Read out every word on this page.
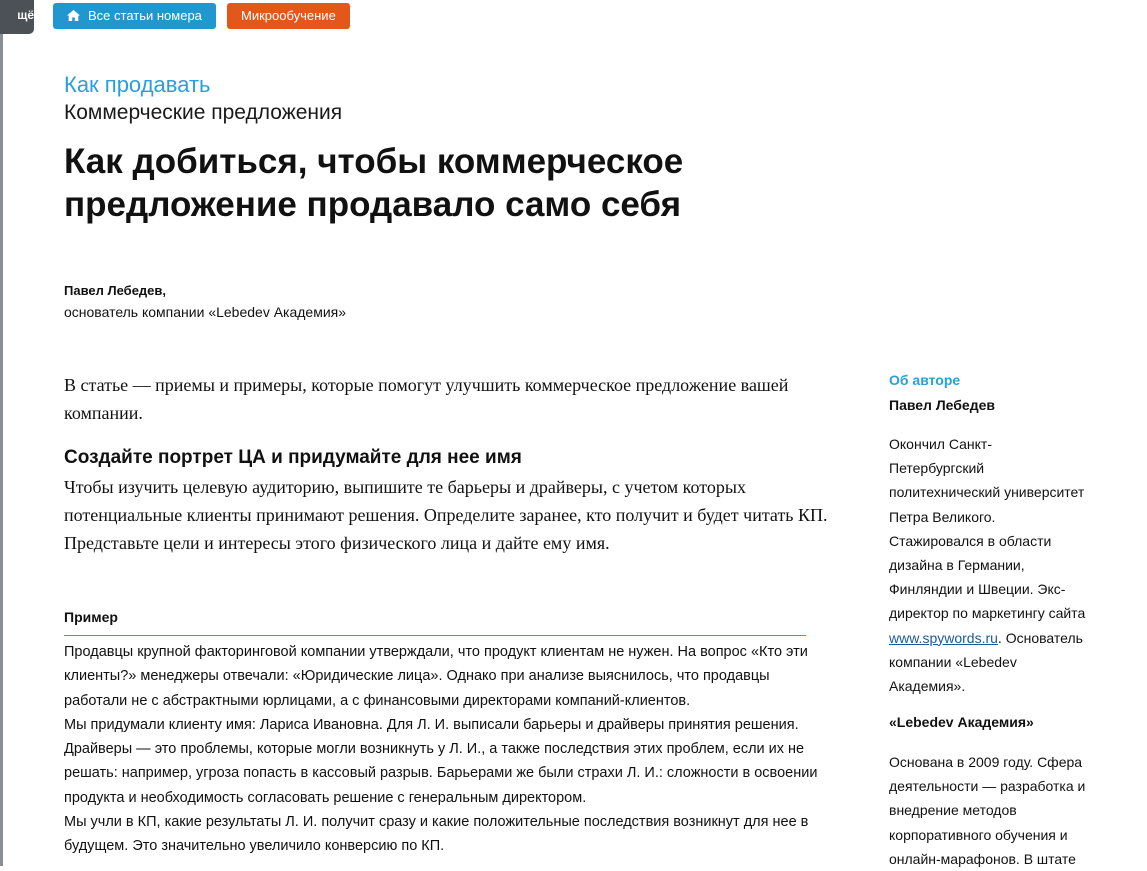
щё	Все статьи номера	Микрообучение
Как продавать
Коммерческие предложения
Как добиться, чтобы коммерческое предложение продавало само себя
Павел Лебедев,
основатель компании «Lebedev Академия»
В статье — приемы и примеры, которые помогут улучшить коммерческое предложение вашей компании.
Создайте портрет ЦА и придумайте для нее имя
Чтобы изучить целевую аудиторию, выпишите те барьеры и драйверы, с учетом которых потенциальные клиенты принимают решения. Определите заранее, кто получит и будет читать КП. Представьте цели и интересы этого физического лица и дайте ему имя.
Пример

Продавцы крупной факторинговой компании утверждали, что продукт клиентам не нужен. На вопрос «Кто эти клиенты?» менеджеры отвечали: «Юридические лица». Однако при анализе выяснилось, что продавцы работали не с абстрактными юрлицами, а с финансовыми директорами компаний-клиентов.

Мы придумали клиенту имя: Лариса Ивановна. Для Л. И. выписали барьеры и драйверы принятия решения. Драйверы — это проблемы, которые могли возникнуть у Л. И., а также последствия этих проблем, если их не решать: например, угроза попасть в кассовый разрыв. Барьерами же были страхи Л. И.: сложности в освоении продукта и необходимость согласовать решение с генеральным директором.

Мы учли в КП, какие результаты Л. И. получит сразу и какие положительные последствия возникнут для нее в будущем. Это значительно увеличило конверсию по КП.

Об авторе
Павел Лебедев
Окончил Санкт-Петербургский политехнический университет Петра Великого. Стажировался в области дизайна в Германии, Финляндии и Швеции. Экс-директор по маркетингу сайта www.spywords.ru. Основатель компании «Lebedev Академия».
«Lebedev Академия»
Основана в 2009 году. Сфера деятельности — разработка и внедрение методов корпоративного обучения и онлайн-марафонов. В штате
